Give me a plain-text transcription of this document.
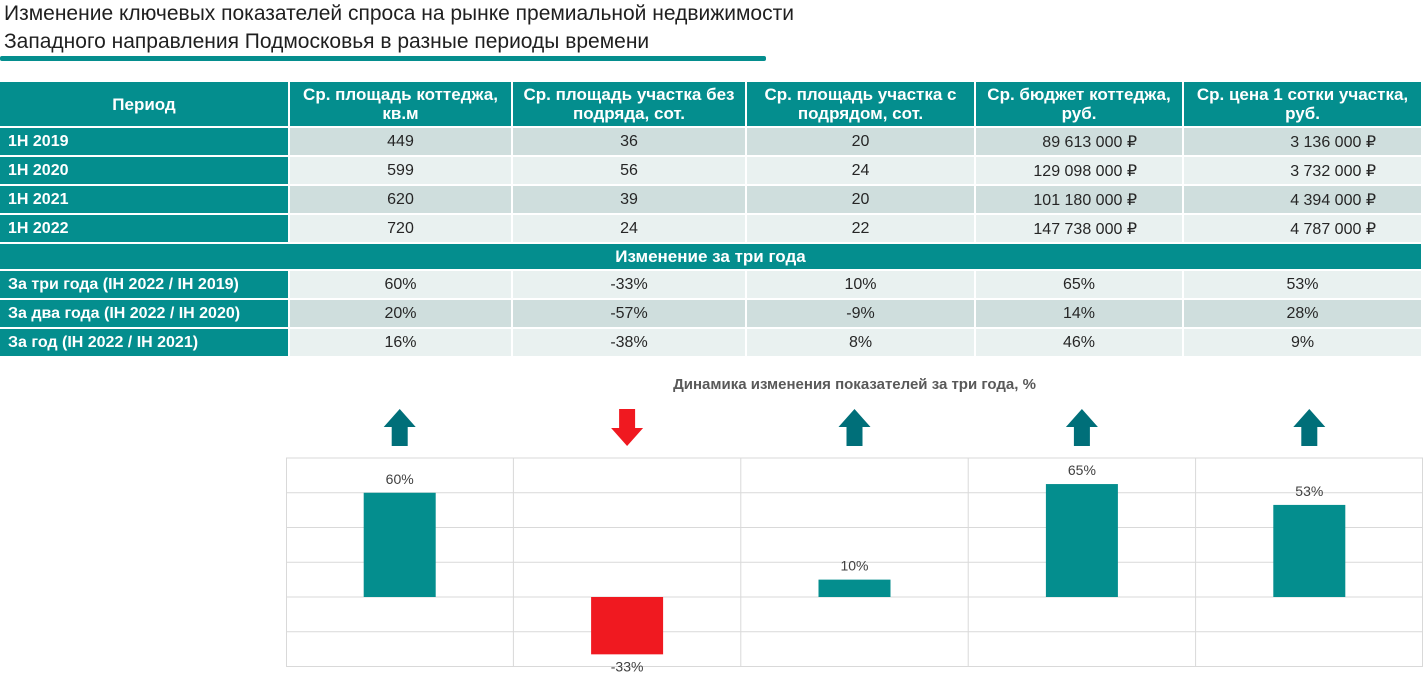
Изменение ключевых показателей спроса на рынке премиальной недвижимости
Западного направления Подмосковья в разные периоды времени
Период	Ср. площадь коттеджа, кв.м	Ср. площадь участка без подряда, сот.	Ср. площадь участка с подрядом, сот.	Ср. бюджет коттеджа, руб.	Ср. цена 1 сотки участка, руб.
1H 2019	449	36	20	89 613 000 ₽	3 136 000 ₽
1H 2020	599	56	24	129 098 000 ₽	3 732 000 ₽
1H 2021	620	39	20	101 180 000 ₽	4 394 000 ₽
1H 2022	720	24	22	147 738 000 ₽	4 787 000 ₽
Изменение за три года					
За три года (IH 2022 / IH 2019)	60%	-33%	10%	65%	53%
За два года (IH 2022 / IH 2020)	20%	-57%	-9%	14%	28%
За год (IH 2022 / IH 2021)	16%	-38%	8%	46%	9%
Динамика изменения показателей за три года, %
60%
-33%
10%
65%
53%
